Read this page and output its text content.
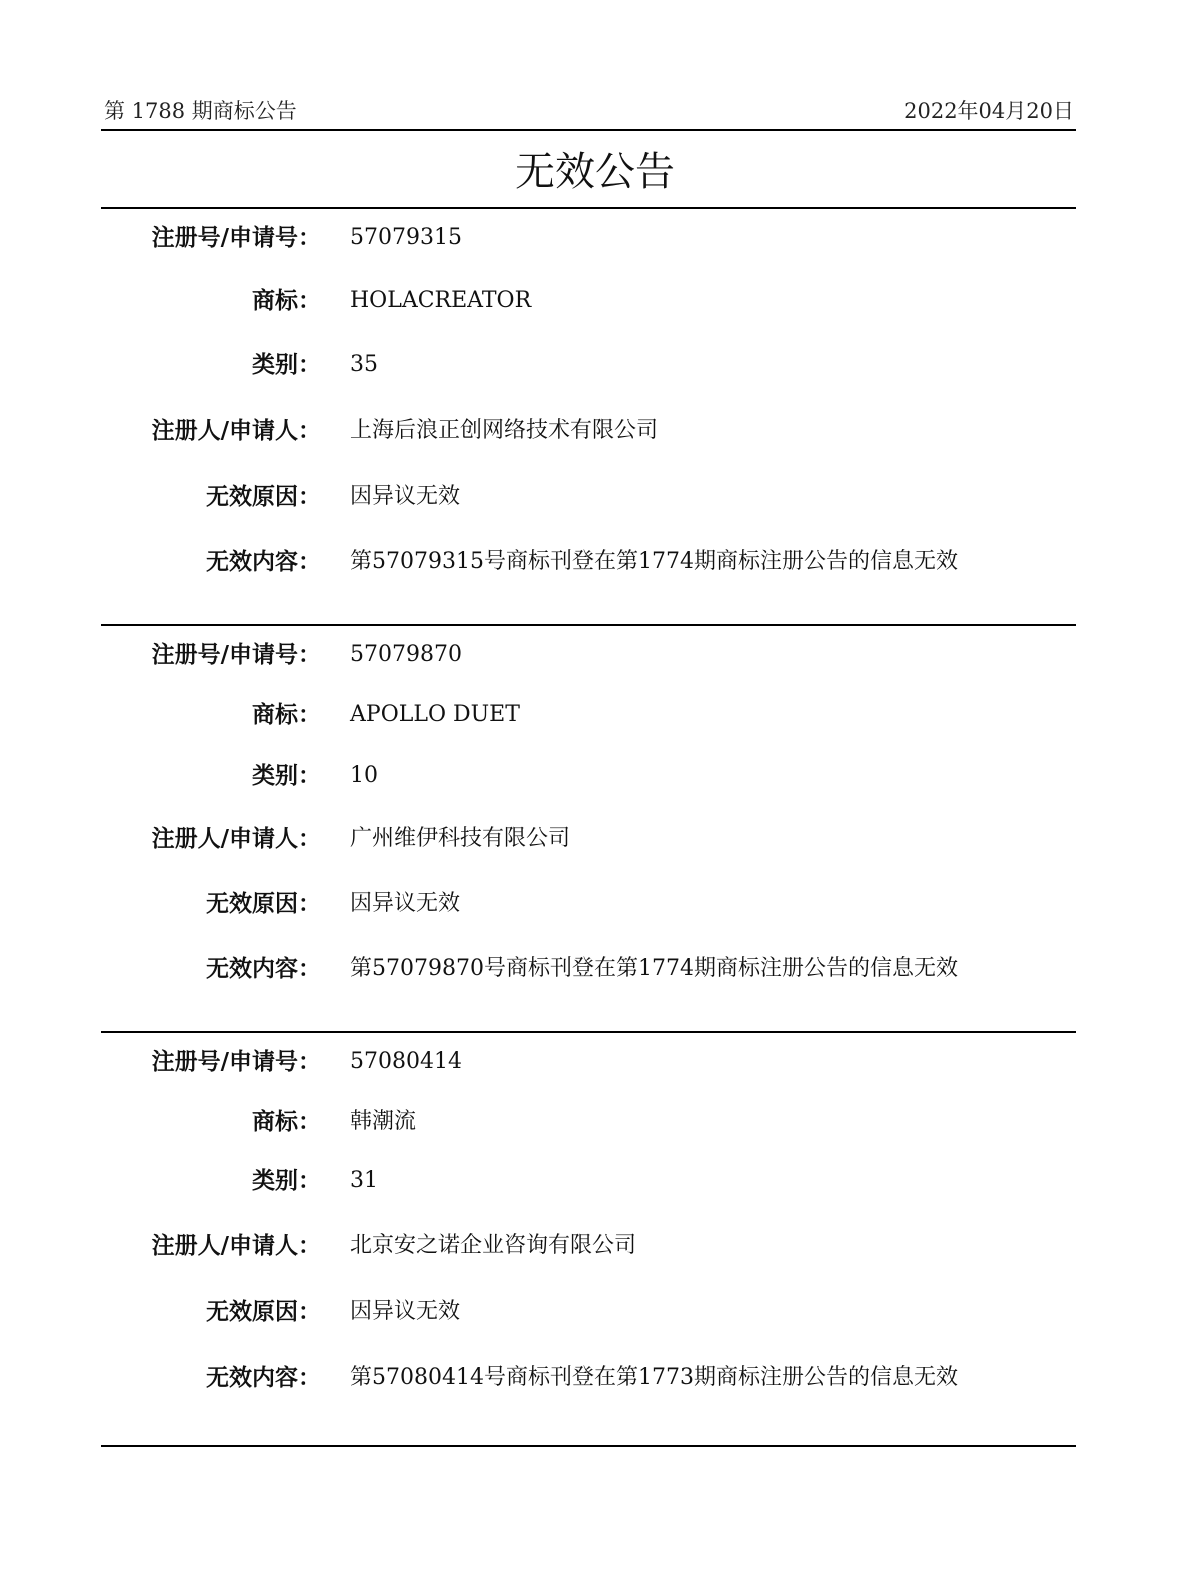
第 1788 期商标公告	2022年04月20日
无效公告
注册号/申请号： 57079315
商标： HOLACREATOR
类别： 35
注册人/申请人： 上海后浪正创网络技术有限公司
无效原因： 因异议无效
无效内容： 第57079315号商标刊登在第1774期商标注册公告的信息无效
注册号/申请号： 57079870
商标： APOLLO DUET
类别： 10
注册人/申请人： 广州维伊科技有限公司
无效原因： 因异议无效
无效内容： 第57079870号商标刊登在第1774期商标注册公告的信息无效
注册号/申请号： 57080414
商标： 韩潮流
类别： 31
注册人/申请人： 北京安之诺企业咨询有限公司
无效原因： 因异议无效
无效内容： 第57080414号商标刊登在第1773期商标注册公告的信息无效
